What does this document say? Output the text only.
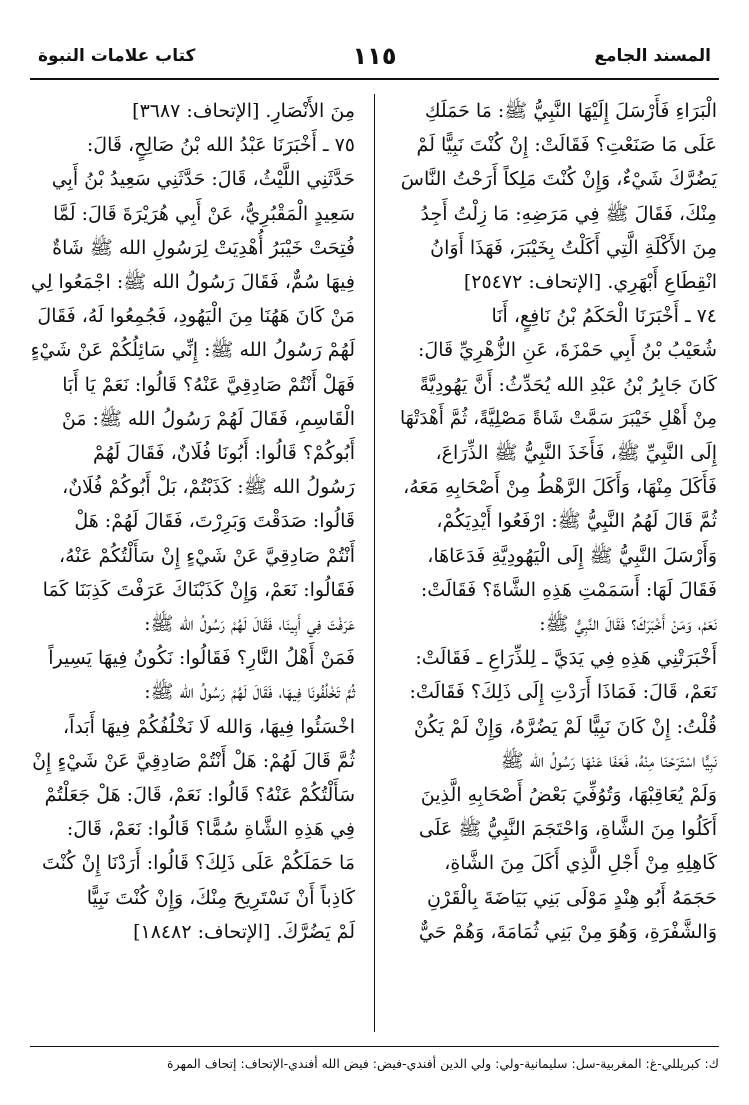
المسند الجامع
١١٥
كتاب علامات النبوة

الْبَرَاءِ فَأَرْسَلَ إِلَيْهَا النَّبِيُّ ﷺ: مَا حَمَلَكِ

عَلَى مَا صَنَعْتِ؟ فَقَالَتْ: إِنْ كُنْتَ نَبِيًّا لَمْ

يَضُرَّكَ شَيْءٌ، وَإِنْ كُنْتَ مَلِكاً أَرَحْتُ النَّاسَ

مِنْكَ، فَقَالَ ﷺ فِي مَرَضِهِ: مَا زِلْتُ أَجِدُ

مِنَ الأَكْلَةِ الَّتِي أَكَلْتُ بِخَيْبَرَ، فَهَذَا أَوَانُ

انْقِطَاعِ أَبْهَرِي. [الإتحاف: ٢٥٤٧٢]

٧٤ ـ أَخْبَرَنَا الْحَكَمُ بْنُ نَافِعٍ، أَنَا

شُعَيْبُ بْنُ أَبِي حَمْزَةَ، عَنِ الزُّهْرِيِّ قَالَ:

كَانَ جَابِرُ بْنُ عَبْدِ الله يُحَدِّثُ: أَنَّ يَهُودِيَّةً

مِنْ أَهْلِ خَيْبَرَ سَمَّتْ شَاةً مَصْلِيَّةً، ثُمَّ أَهْدَتْهَا

إِلَى النَّبِيِّ ﷺ، فَأَخَذَ النَّبِيُّ ﷺ الذِّرَاعَ،

فَأَكَلَ مِنْهَا، وَأَكَلَ الرَّهْطُ مِنْ أَصْحَابِهِ مَعَهُ،

ثُمَّ قَالَ لَهُمُ النَّبِيُّ ﷺ: ارْفَعُوا أَيْدِيَكُمْ،

وَأَرْسَلَ النَّبِيُّ ﷺ إِلَى الْيَهُودِيَّةِ فَدَعَاهَا،

فَقَالَ لَهَا: أَسَمَمْتِ هَذِهِ الشَّاةَ؟ فَقَالَتْ:

نَعَمْ، وَمَنْ أَخْبَرَكَ؟ فَقَالَ النَّبِيُّ ﷺ:

أَخْبَرَتْنِي هَذِهِ فِي يَدَيَّ ـ لِلذِّرَاعِ ـ فَقَالَتْ:

نَعَمْ، قَالَ: فَمَاذَا أَرَدْتِ إِلَى ذَلِكَ؟ فَقَالَتْ:

قُلْتُ: إِنْ كَانَ نَبِيًّا لَمْ يَضُرَّهُ، وَإِنْ لَمْ يَكُنْ

نَبِيًّا اسْتَرَحْنَا مِنْهُ، فَعَفَا عَنْهَا رَسُولُ الله ﷺ

وَلَمْ يُعَاقِبْهَا، وَتُوُفِّيَ بَعْضُ أَصْحَابِهِ الَّذِينَ

أَكَلُوا مِنَ الشَّاةِ، وَاحْتَجَمَ النَّبِيُّ ﷺ عَلَى

كَاهِلِهِ مِنْ أَجْلِ الَّذِي أَكَلَ مِنَ الشَّاةِ،

حَجَمَهُ أَبُو هِنْدٍ مَوْلَى بَنِي بَيَاضَةَ بِالْقَرْنِ

وَالشَّفْرَةِ، وَهُوَ مِنْ بَنِي ثُمَامَةَ، وَهُمْ حَيٌّ

مِنَ الأَنْصَارِ. [الإتحاف: ٣٦٨٧]

٧٥ ـ أَخْبَرَنَا عَبْدُ الله بْنُ صَالِحٍ، قَالَ:

حَدَّثَنِي اللَّيْثُ، قَالَ: حَدَّثَنِي سَعِيدُ بْنُ أَبِي

سَعِيدٍ الْمَقْبُرِيُّ، عَنْ أَبِي هُرَيْرَةَ قَالَ: لَمَّا

فُتِحَتْ خَيْبَرُ أُهْدِيَتْ لِرَسُولِ الله ﷺ شَاةٌ

فِيهَا سُمٌّ، فَقَالَ رَسُولُ الله ﷺ: اجْمَعُوا لِي

مَنْ كَانَ هَهُنَا مِنَ الْيَهُودِ، فَجُمِعُوا لَهُ، فَقَالَ

لَهُمْ رَسُولُ الله ﷺ: إِنِّي سَائِلُكُمْ عَنْ شَيْءٍ

فَهَلْ أَنْتُمْ صَادِقِيَّ عَنْهُ؟ قَالُوا: نَعَمْ يَا أَبَا

الْقَاسِمِ، فَقَالَ لَهُمْ رَسُولُ الله ﷺ: مَنْ

أَبُوكُمْ؟ قَالُوا: أَبُونَا فُلَانٌ، فَقَالَ لَهُمْ

رَسُولُ الله ﷺ: كَذَبْتُمْ، بَلْ أَبُوكُمْ فُلَانٌ،

قَالُوا: صَدَقْتَ وَبَرِرْتَ، فَقَالَ لَهُمْ: هَلْ

أَنْتُمْ صَادِقِيَّ عَنْ شَيْءٍ إِنْ سَأَلْتُكُمْ عَنْهُ،

فَقَالُوا: نَعَمْ، وَإِنْ كَذَبْنَاكَ عَرَفْتَ كَذِبَنَا كَمَا

عَرَفْتَ فِي أَبِينَا، فَقَالَ لَهُمْ رَسُولُ الله ﷺ:

فَمَنْ أَهْلُ النَّارِ؟ فَقَالُوا: نَكُونُ فِيهَا يَسِيراً

ثُمَّ تَخْلُفُونَا فِيهَا، فَقَالَ لَهُمْ رَسُولُ الله ﷺ:

اخْسَئُوا فِيهَا، وَالله لَا نَخْلُفُكُمْ فِيهَا أَبَداً،

ثُمَّ قَالَ لَهُمْ: هَلْ أَنْتُمْ صَادِقِيَّ عَنْ شَيْءٍ إِنْ

سَأَلْتُكُمْ عَنْهُ؟ قَالُوا: نَعَمْ، قَالَ: هَلْ جَعَلْتُمْ

فِي هَذِهِ الشَّاةِ سُمًّا؟ قَالُوا: نَعَمْ، قَالَ:

مَا حَمَلَكُمْ عَلَى ذَلِكَ؟ قَالُوا: أَرَدْنَا إِنْ كُنْتَ

كَاذِباً أَنْ نَسْتَرِيحَ مِنْكَ، وَإِنْ كُنْتَ نَبِيًّا

لَمْ يَضُرَّكَ. [الإتحاف: ١٨٤٨٢]

ك: كبريللي-غ: المغربية-سل: سليمانية-ولي: ولي الدين أفندي-فيض: فيض الله أفندي-الإتحاف: إتحاف المهرة
